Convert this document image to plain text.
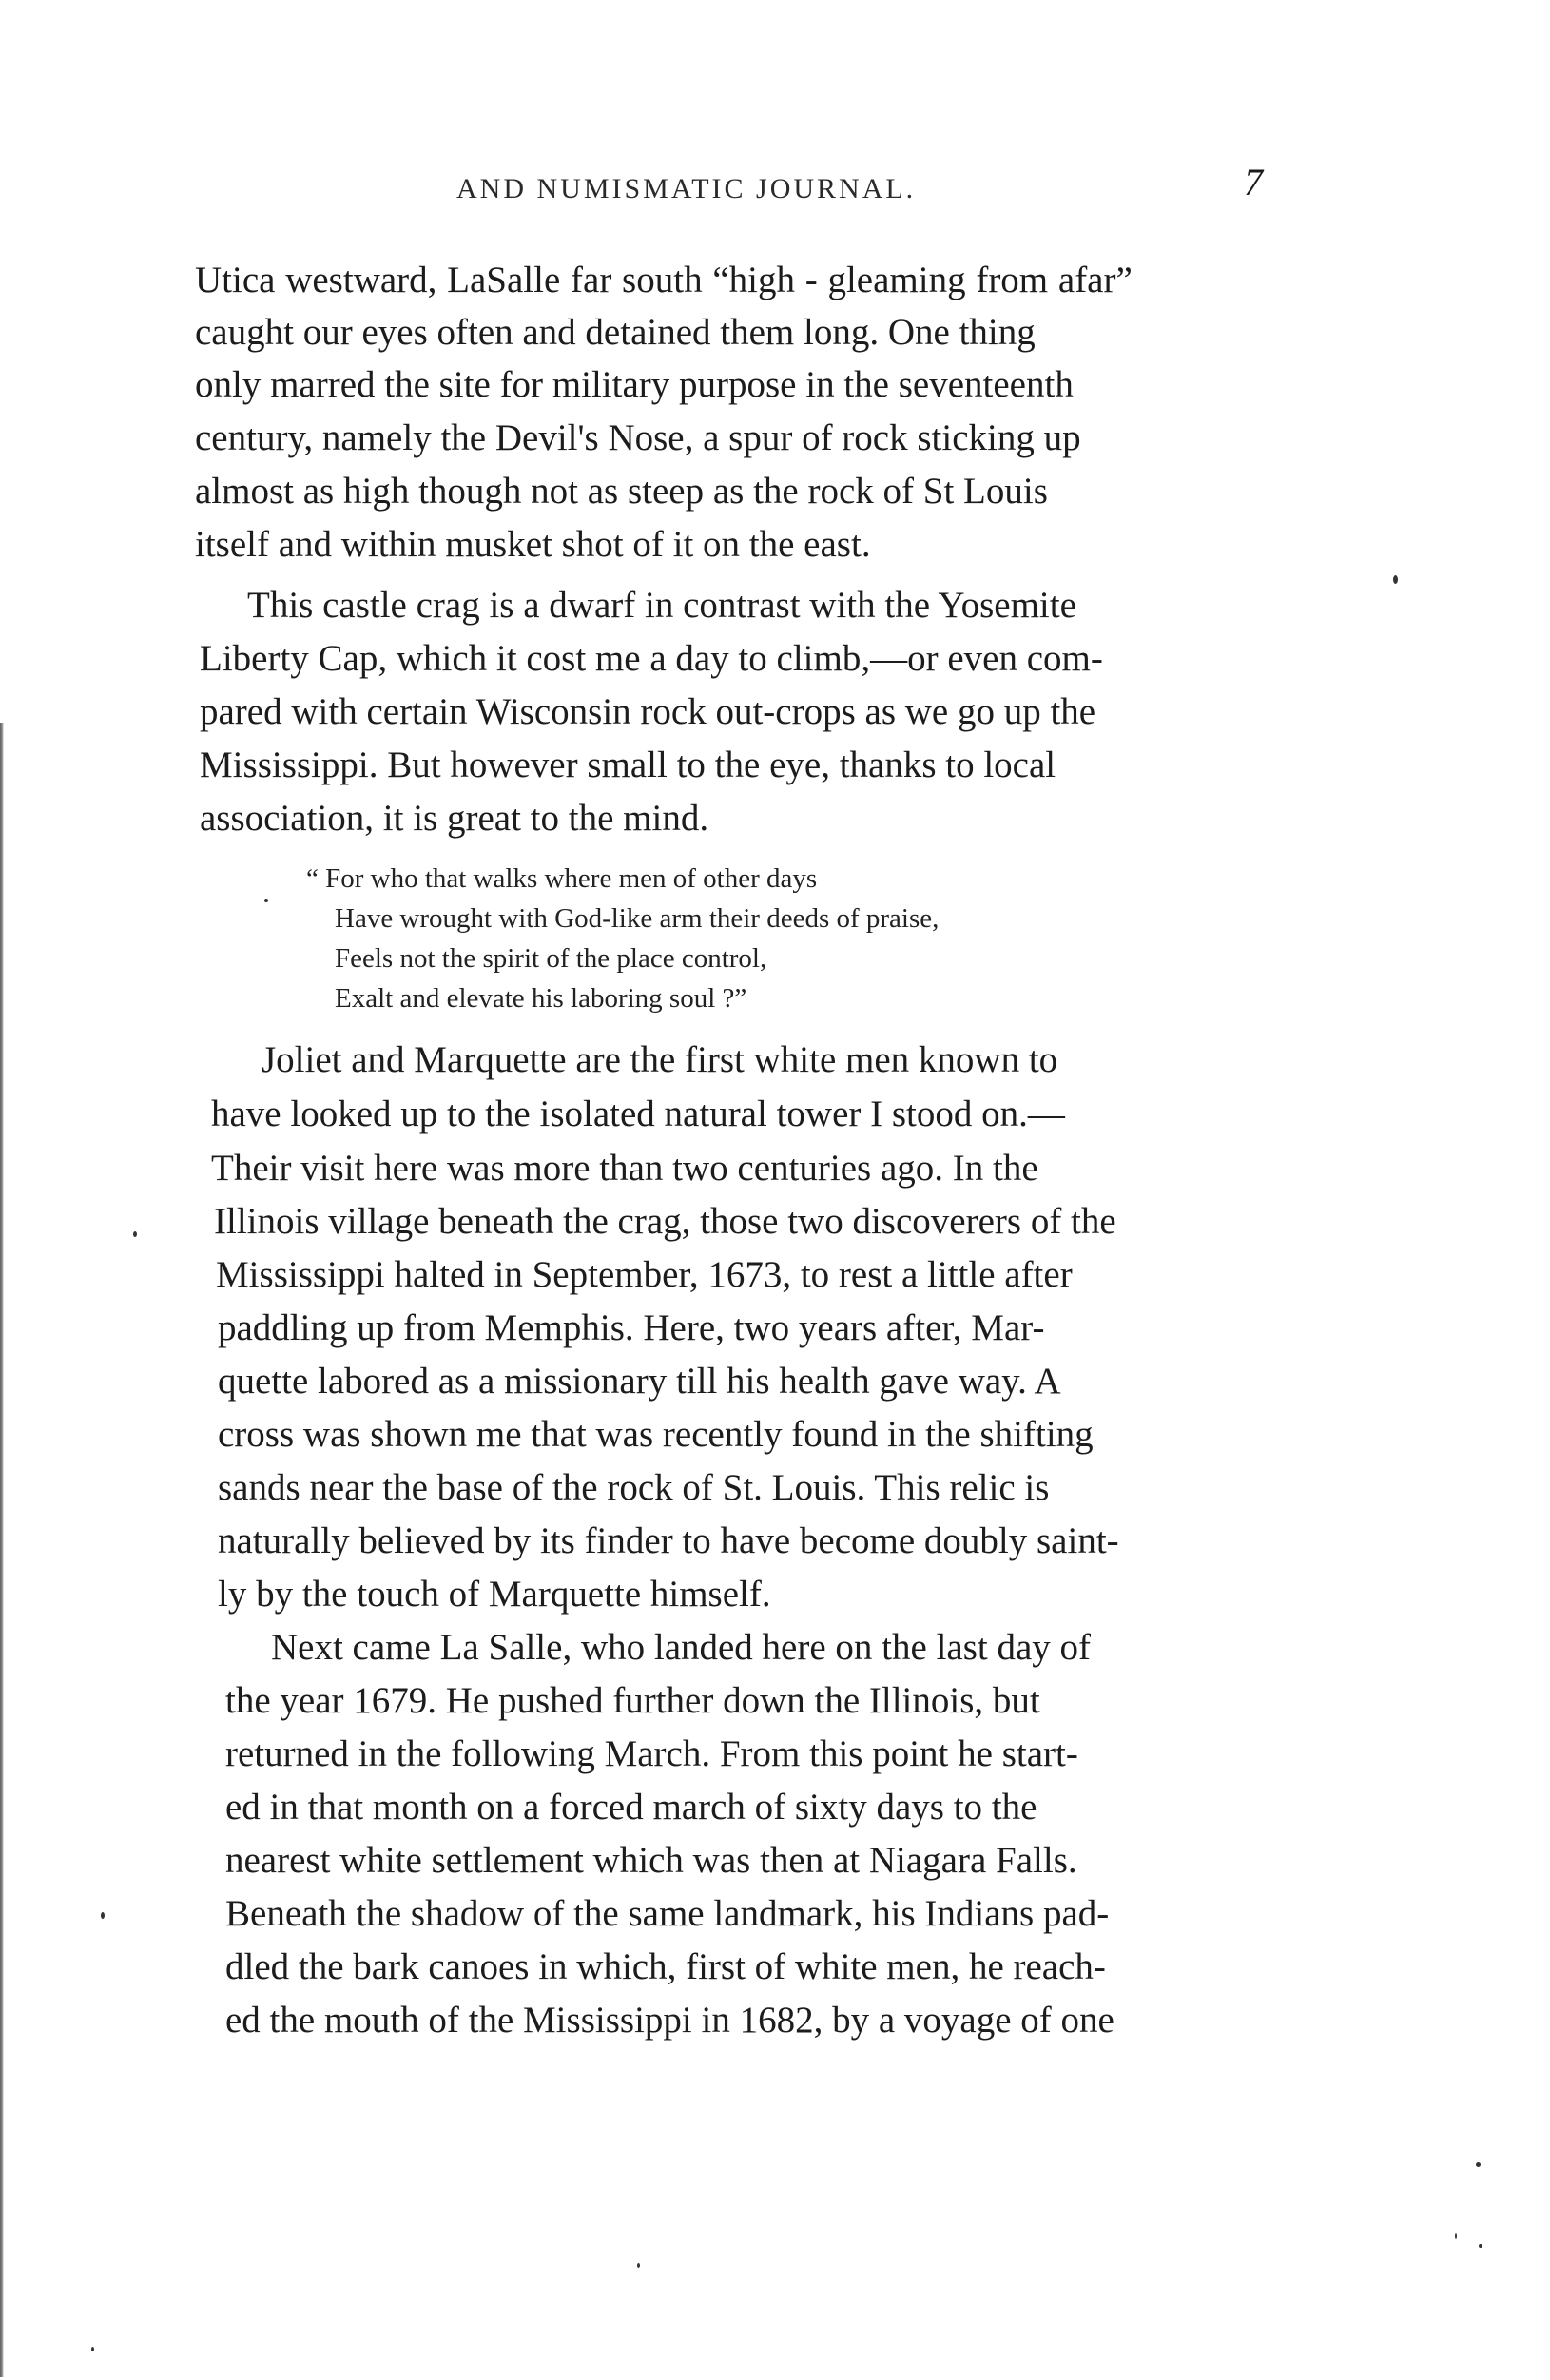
AND NUMISMATIC JOURNAL.	7
Utica westward, LaSalle far south “high - gleaming from afar”
caught our eyes often and detained them long. One thing
only marred the site for military purpose in the seventeenth
century, namely the Devil's Nose, a spur of rock sticking up
almost as high though not as steep as the rock of St Louis
itself and within musket shot of it on the east.
This castle crag is a dwarf in contrast with the Yosemite
Liberty Cap, which it cost me a day to climb,—or even com-
pared with certain Wisconsin rock out-crops as we go up the
Mississippi. But however small to the eye, thanks to local
association, it is great to the mind.
“ For who that walks where men of other days
Have wrought with God-like arm their deeds of praise,
Feels not the spirit of the place control,
Exalt and elevate his laboring soul ?”
Joliet and Marquette are the first white men known to
have looked up to the isolated natural tower I stood on.—
Their visit here was more than two centuries ago. In the
Illinois village beneath the crag, those two discoverers of the
Mississippi halted in September, 1673, to rest a little after
paddling up from Memphis. Here, two years after, Mar-
quette labored as a missionary till his health gave way. A
cross was shown me that was recently found in the shifting
sands near the base of the rock of St. Louis. This relic is
naturally believed by its finder to have become doubly saint-
ly by the touch of Marquette himself.
Next came La Salle, who landed here on the last day of
the year 1679. He pushed further down the Illinois, but
returned in the following March. From this point he start-
ed in that month on a forced march of sixty days to the
nearest white settlement which was then at Niagara Falls.
Beneath the shadow of the same landmark, his Indians pad-
dled the bark canoes in which, first of white men, he reach-
ed the mouth of the Mississippi in 1682, by a voyage of one
